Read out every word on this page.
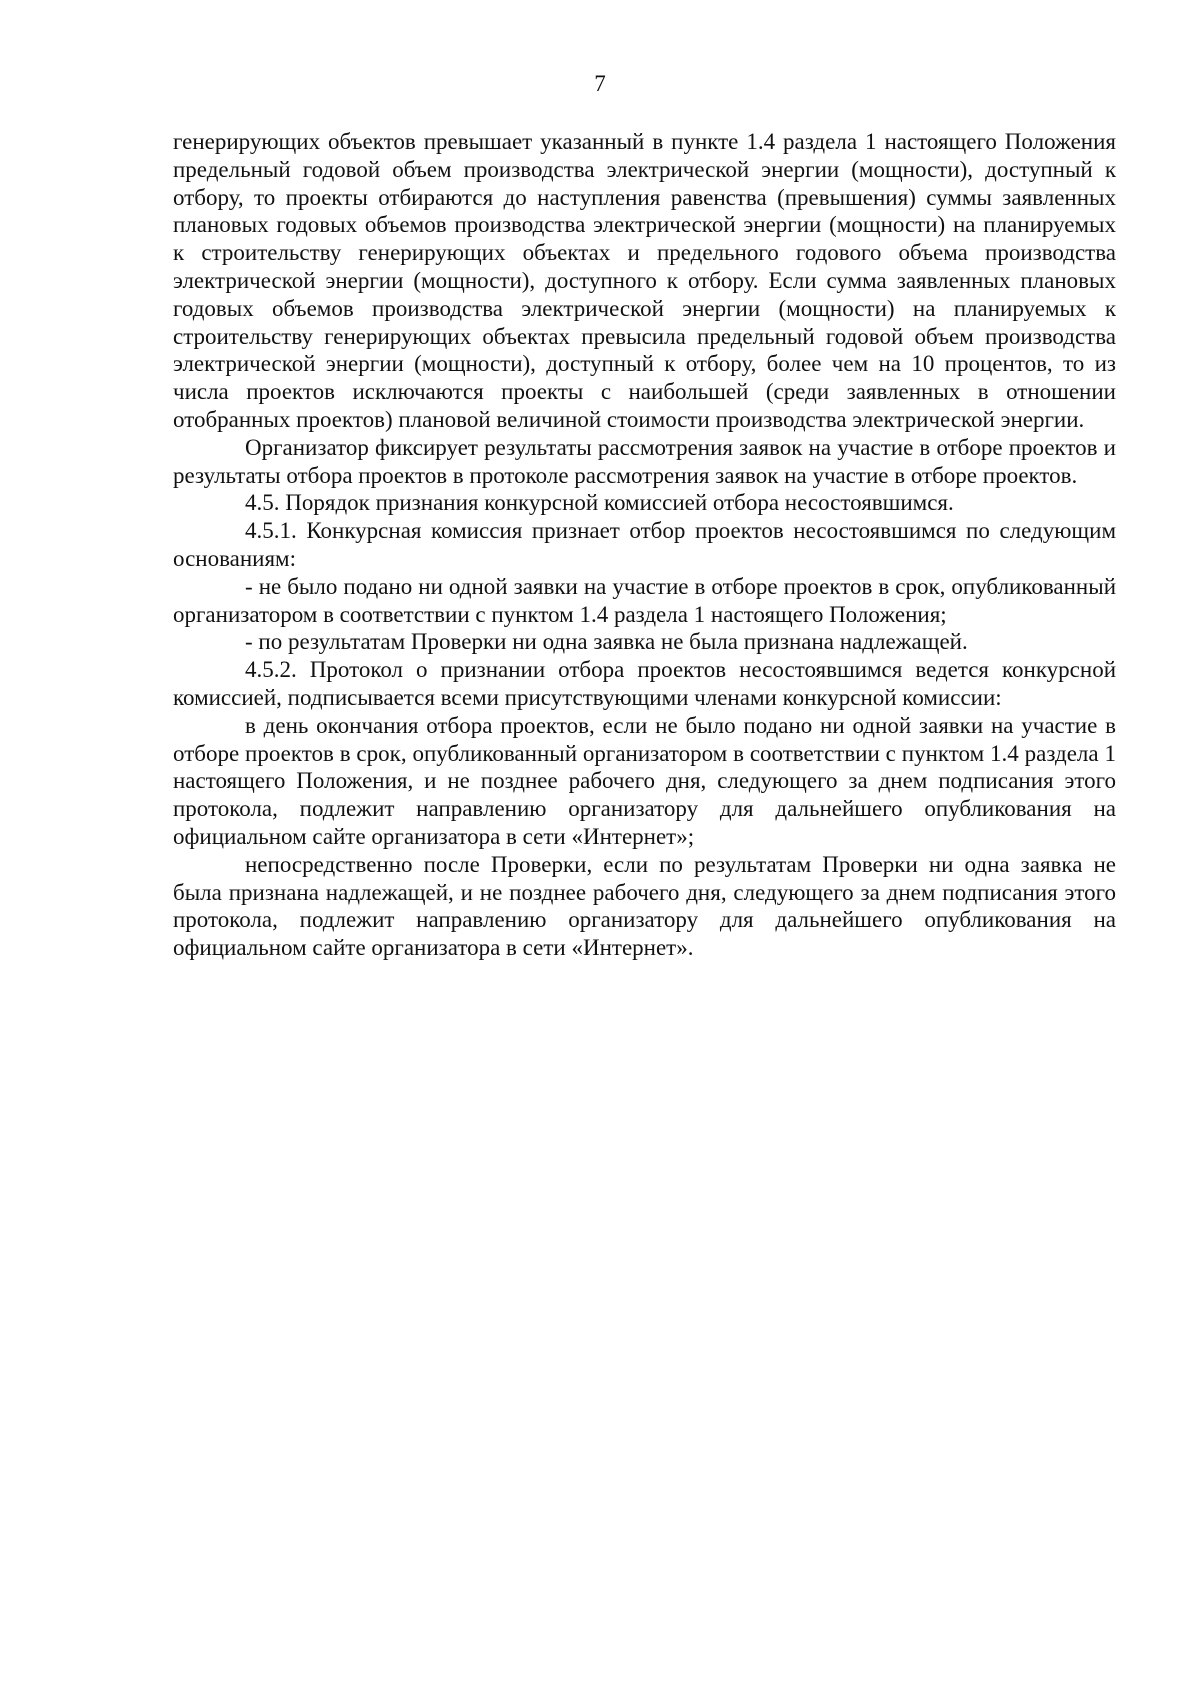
7

генерирующих объектов превышает указанный в пункте 1.4 раздела 1 настоящего Положения предельный годовой объем производства электрической энергии (мощности), доступный к отбору, то проекты отбираются до наступления равенства (превышения) суммы заявленных плановых годовых объемов производства электрической энергии (мощности) на планируемых к строительству генерирующих объектах и предельного годового объема производства электрической энергии (мощности), доступного к отбору. Если сумма заявленных плановых годовых объемов производства электрической энергии (мощности) на планируемых к строительству генерирующих объектах превысила предельный годовой объем производства электрической энергии (мощности), доступный к отбору, более чем на 10 процентов, то из числа проектов исключаются проекты с наибольшей (среди заявленных в отношении отобранных проектов) плановой величиной стоимости производства электрической энергии.

Организатор фиксирует результаты рассмотрения заявок на участие в отборе проектов и результаты отбора проектов в протоколе рассмотрения заявок на участие в отборе проектов.

4.5. Порядок признания конкурсной комиссией отбора несостоявшимся.

4.5.1. Конкурсная комиссия признает отбор проектов несостоявшимся по следующим основаниям:

- не было подано ни одной заявки на участие в отборе проектов в срок, опубликованный организатором в соответствии с пунктом 1.4 раздела 1 настоящего Положения;

- по результатам Проверки ни одна заявка не была признана надлежащей.

4.5.2. Протокол о признании отбора проектов несостоявшимся ведется конкурсной комиссией, подписывается всеми присутствующими членами конкурсной комиссии:

в день окончания отбора проектов, если не было подано ни одной заявки на участие в отборе проектов в срок, опубликованный организатором в соответствии с пунктом 1.4 раздела 1 настоящего Положения, и не позднее рабочего дня, следующего за днем подписания этого протокола, подлежит направлению организатору для дальнейшего опубликования на официальном сайте организатора в сети «Интернет»;

непосредственно после Проверки, если по результатам Проверки ни одна заявка не была признана надлежащей, и не позднее рабочего дня, следующего за днем подписания этого протокола, подлежит направлению организатору для дальнейшего опубликования на официальном сайте организатора в сети «Интернет».
